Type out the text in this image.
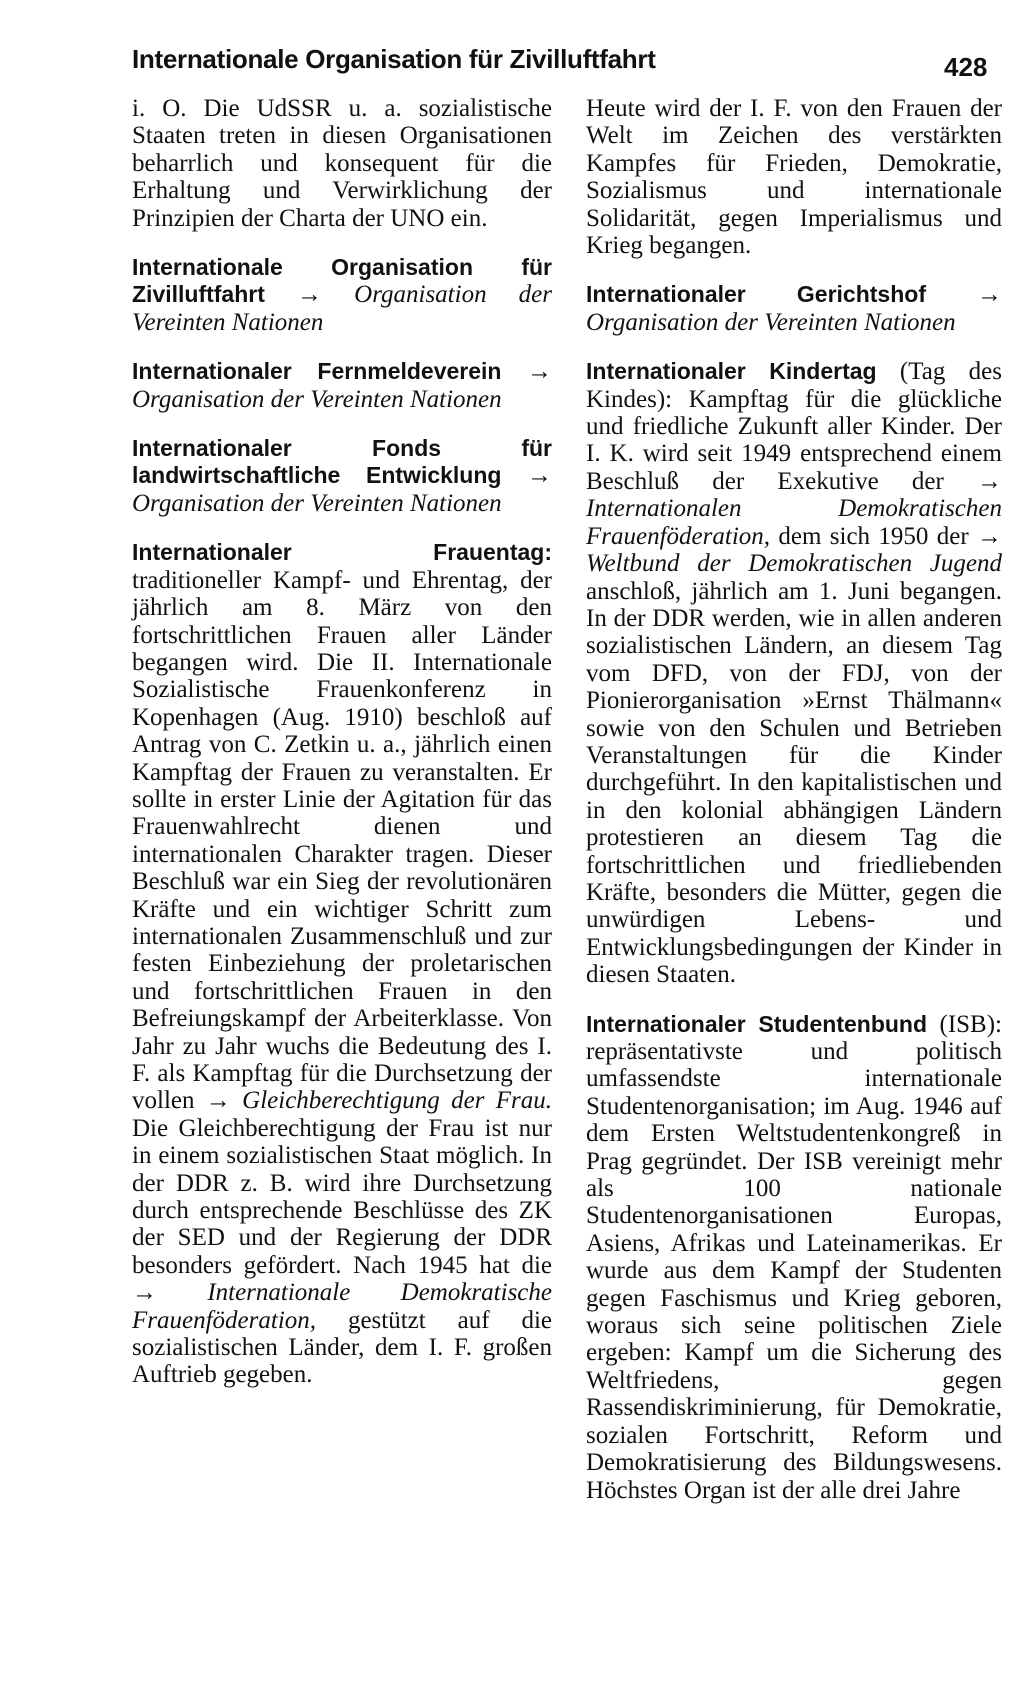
Internationale Organisation für Zivilluftfahrt	428

i. O. Die UdSSR u. a. sozialistische Staaten treten in diesen Organisationen beharrlich und konsequent für die Erhaltung und Verwirklichung der Prinzipien der Charta der UNO ein.

Internationale Organisation für Zivilluftfahrt → Organisation der Vereinten Nationen

Internationaler Fernmeldeverein → Organisation der Vereinten Nationen

Internationaler Fonds für landwirtschaftliche Entwicklung → Organisation der Vereinten Nationen

Internationaler Frauentag: traditioneller Kampf- und Ehrentag, der jährlich am 8. März von den fortschrittlichen Frauen aller Länder begangen wird. Die II. Internationale Sozialistische Frauenkonferenz in Kopenhagen (Aug. 1910) beschloß auf Antrag von C. Zetkin u. a., jährlich einen Kampftag der Frauen zu veranstalten. Er sollte in erster Linie der Agitation für das Frauenwahlrecht dienen und internationalen Charakter tragen. Dieser Beschluß war ein Sieg der revolutionären Kräfte und ein wichtiger Schritt zum internationalen Zusammenschluß und zur festen Einbeziehung der proletarischen und fortschrittlichen Frauen in den Befreiungskampf der Arbeiterklasse. Von Jahr zu Jahr wuchs die Bedeutung des I. F. als Kampftag für die Durchsetzung der vollen → Gleichberechtigung der Frau. Die Gleichberechtigung der Frau ist nur in einem sozialistischen Staat möglich. In der DDR z. B. wird ihre Durchsetzung durch entsprechende Beschlüsse des ZK der SED und der Regierung der DDR besonders gefördert. Nach 1945 hat die → Internationale Demokratische Frauenföderation, gestützt auf die sozialistischen Länder, dem I. F. großen Auftrieb gegeben.

Heute wird der I. F. von den Frauen der Welt im Zeichen des verstärkten Kampfes für Frieden, Demokratie, Sozialismus und internationale Solidarität, gegen Imperialismus und Krieg begangen.

Internationaler Gerichtshof → Organisation der Vereinten Nationen

Internationaler Kindertag (Tag des Kindes): Kampftag für die glückliche und friedliche Zukunft aller Kinder. Der I. K. wird seit 1949 entsprechend einem Beschluß der Exekutive der → Internationalen Demokratischen Frauenföderation, dem sich 1950 der → Weltbund der Demokratischen Jugend anschloß, jährlich am 1. Juni begangen. In der DDR werden, wie in allen anderen sozialistischen Ländern, an diesem Tag vom DFD, von der FDJ, von der Pionierorganisation »Ernst Thälmann« sowie von den Schulen und Betrieben Veranstaltungen für die Kinder durchgeführt. In den kapitalistischen und in den kolonial abhängigen Ländern protestieren an diesem Tag die fortschrittlichen und friedliebenden Kräfte, besonders die Mütter, gegen die unwürdigen Lebens- und Entwicklungsbedingungen der Kinder in diesen Staaten.

Internationaler Studentenbund (ISB): repräsentativste und politisch umfassendste internationale Studentenorganisation; im Aug. 1946 auf dem Ersten Weltstudentenkongreß in Prag gegründet. Der ISB vereinigt mehr als 100 nationale Studentenorganisationen Europas, Asiens, Afrikas und Lateinamerikas. Er wurde aus dem Kampf der Studenten gegen Faschismus und Krieg geboren, woraus sich seine politischen Ziele ergeben: Kampf um die Sicherung des Weltfriedens, gegen Rassendiskriminierung, für Demokratie, sozialen Fortschritt, Reform und Demokratisierung des Bildungswesens. Höchstes Organ ist der alle drei Jahre
